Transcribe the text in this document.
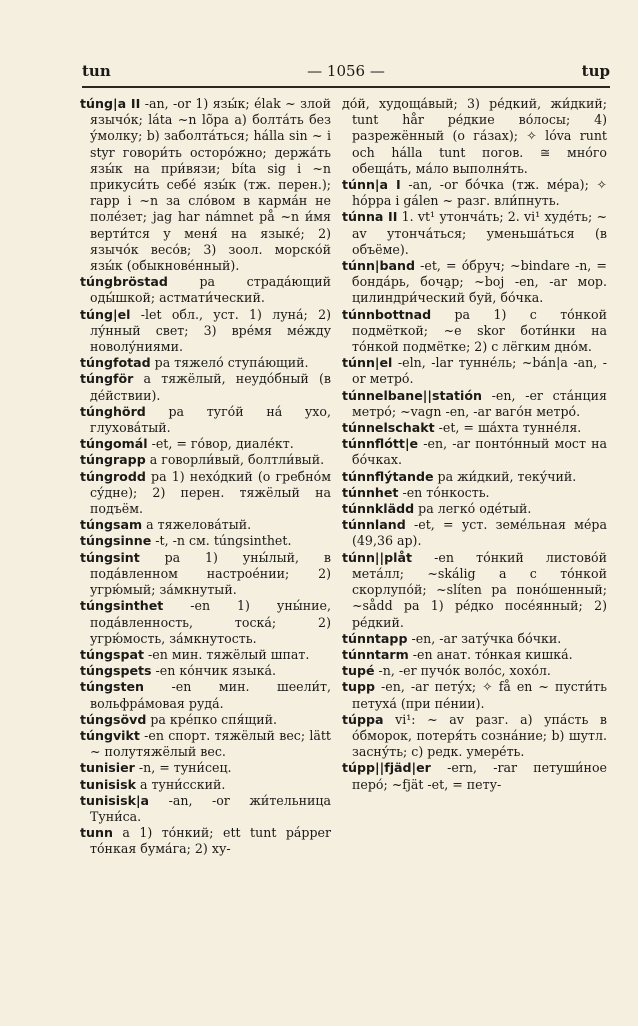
tun	— 1056 —	tup

túng|a II -an, -or 1) язы́к; élak ~ злой язычо́к; láta ~n lõpa a) болта́ть без у́молку; b) заболта́ться; hálla sin ~ i styr говори́ть осторо́жно; держа́ть язы́к на при́вязи; bíta sig i ~n прикуси́ть себе́ язы́к (тж. перен.); rapp i ~n за сло́вом в карма́н не поле́зет; jag har námnet på ~n и́мя верти́тся у меня́ на языке́; 2) язычо́к весо́в; 3) зоол. морско́й язы́к (обыкнове́нный).

túngbröstad pa страда́ющий оды́шкой; астмати́ческий.

túng|el -let обл., уст. 1) луна́; 2) лу́нный свет; 3) вре́мя ме́жду новолу́ниями.

túngfotad pa тяжело́ ступа́ющий.

túngför a тяжёлый, неудо́бный (в де́йствии).

túnghörd pa туго́й на́ ухо, глухова́тый.

túngomál -et, = го́вор, диале́кт.

túngrapp a говорли́вый, болтли́вый.

túngrodd pa 1) нехо́дкий (о гребно́м су́дне); 2) перен. тяжёлый на подъём.

túngsam a тяжелова́тый.

túngsinne -t, -n см. túngsinthet.

túngsint pa 1) уны́лый, в пода́вленном настрое́нии; 2) угрю́мый; за́мкнутый.

túngsinthet -en 1) уны́ние, пода́вленность, тоска́; 2) угрю́мость, за́мкнутость.

túngspat -en мин. тяжёлый шпат.

túngspets -en ко́нчик языка́.

túngsten -en мин. шеели́т, вольфра́мовая руда́.

túngsövd pa кре́пко спя́щий.

túngvikt -en спорт. тяжёлый вес; lätt ~ полутяжёлый вес.

tunisier -n, = туни́сец.

tunisisk a туни́сский.

tunisisk|a -an, -or жи́тельница Туни́са.

tunn a 1) то́нкий; ett tunt pápper то́нкая бума́га; 2) ху-

до́й, худоща́вый; 3) ре́дкий, жи́дкий; tunt hår ре́дкие во́лосы; 4) разрежённый (о га́зах); ✧ lóva runt och hálla tunt погов. ≅ мно́го обеща́ть, ма́ло выполня́ть.

túnn|a I -an, -or бо́чка (тж. ме́ра); ✧ hóppa i gálen ~ разг. вли́пнуть.

túnna II 1. vt¹ утонча́ть; 2. vi¹ худе́ть; ~ av утонча́ться; уменьша́ться (в объёме).

túnn|band -et, = о́бруч; ~bindare -n, = бонда́рь, бочa̱р; ~boj -en, -ar мор. цилиндри́ческий буй, бо́чка.

túnnbottnad pa 1) с то́нкой подмёткой; ~e skor боти́нки на то́нкой подмётке; 2) с лёгким дно́м.

túnn|el -eln, -lar тунне́ль; ~bán|a -an, -or метро́.

túnnelbane||statión -en, -er ста́нция метро́; ~vagn -en, -ar ваго́н метро́.

túnnelschakt -et, = ша́хта тунне́ля.

túnnflótt|e -en, -ar понто́нный мост на бо́чках.

túnnflýtande pa жи́дкий, теку́чий.

túnnhet -en то́нкость.

túnnklädd pa легко́ оде́тый.

túnnland -et, = уст. земе́льная ме́ра (49,36 ар).

túnn||plåt -en то́нкий листово́й мета́лл; ~skálig a с то́нкой скорлупо́й; ~slíten pa поно́шенный; ~sådd pa 1) ре́дко посе́янный; 2) ре́дкий.

túnntapp -en, -ar зату́чка бо́чки.

túnntarm -en анат. то́нкая кишка́.

tupé -n, -er пучо́к воло́с, хохо́л.

tupp -en, -ar пету́х; ✧ få en ~ пусти́ть петуха́ (при пе́нии).

túppa vi¹: ~ av разг. a) упа́сть в о́бморок, потеря́ть созна́ние; b) шутл. засну́ть; c) редк. умере́ть.

túpp||fjäd|er -ern, -rar петуши́ное перо́; ~fjät -et, = пету-
